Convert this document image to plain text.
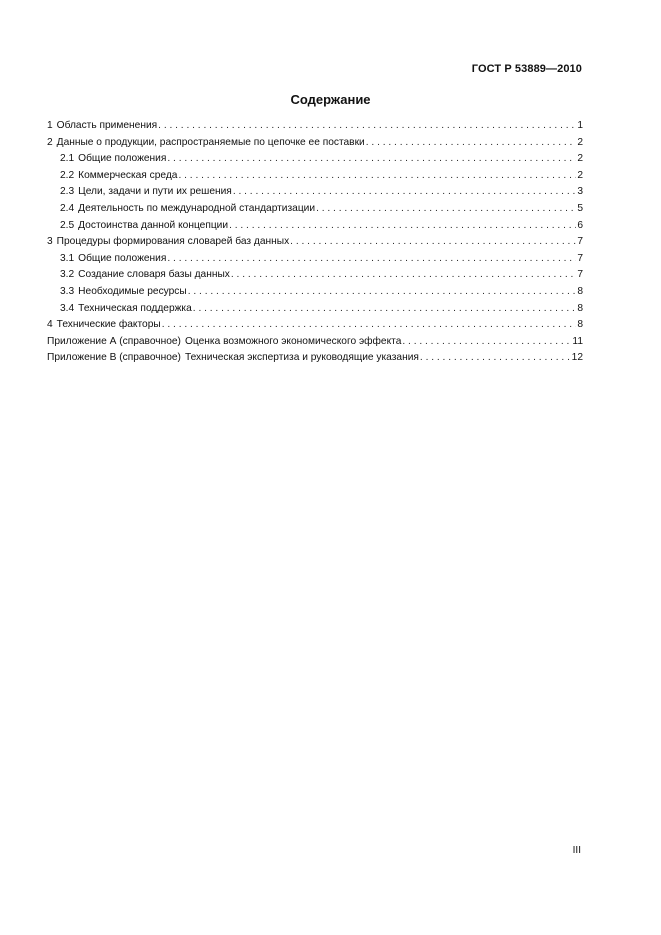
ГОСТ Р 53889—2010
Содержание
1 Область применения . . .	1
2 Данные о продукции, распространяемые по цепочке ее поставки . . .	2
2.1 Общие положения . . .	2
2.2 Коммерческая среда . . .	2
2.3 Цели, задачи и пути их решения . . .	3
2.4 Деятельность по международной стандартизации . . .	5
2.5 Достоинства данной концепции . . .	6
3 Процедуры формирования словарей баз данных . . .	7
3.1 Общие положения . . .	7
3.2 Создание словаря базы данных . . .	7
3.3 Необходимые ресурсы . . .	8
3.4 Техническая поддержка . . .	8
4 Технические факторы . . .	8
Приложение А (справочное) Оценка возможного экономического эффекта . . .	11
Приложение В (справочное) Техническая экспертиза и руководящие указания . . .	12
III
